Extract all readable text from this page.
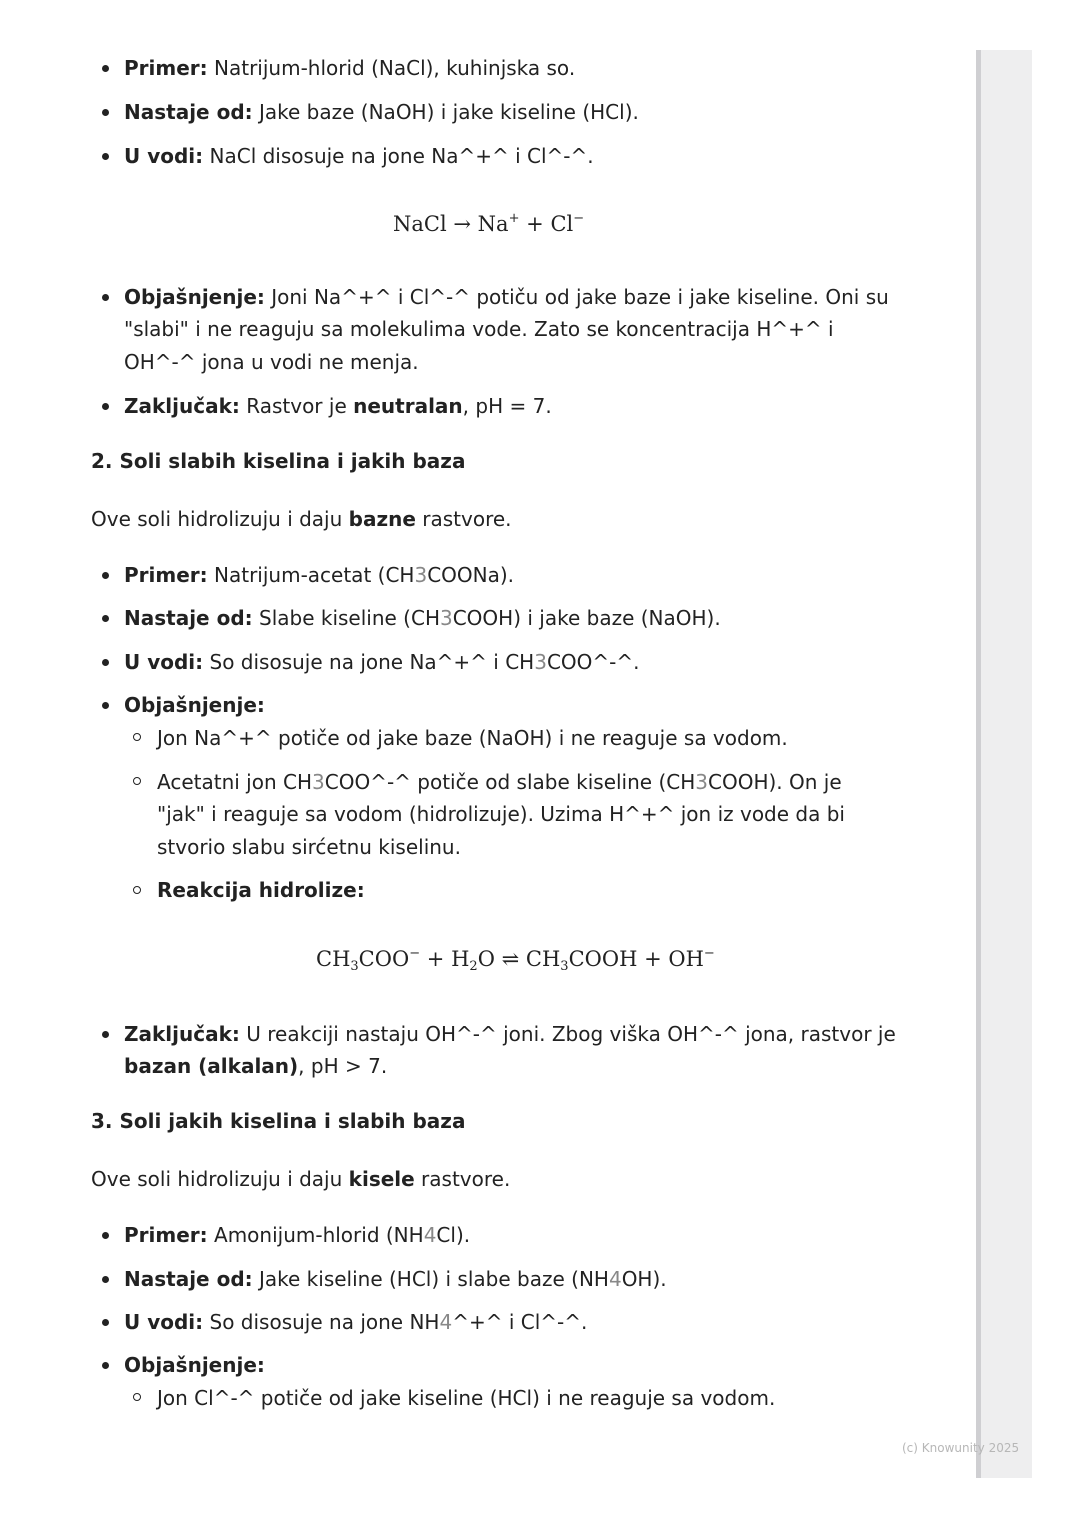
Primer: Natrijum-hlorid (NaCl), kuhinjska so.
Nastaje od: Jake baze (NaOH) i jake kiseline (HCl).
U vodi: NaCl disosuje na jone Na^+^ i Cl^-^.
NaCl → Na+ + Cl−
Objašnjenje: Joni Na^+^ i Cl^-^ potiču od jake baze i jake kiseline. Oni su
"slabi" i ne reaguju sa molekulima vode. Zato se koncentracija H^+^ i
OH^-^ jona u vodi ne menja.
Zaključak: Rastvor je neutralan, pH = 7.
2. Soli slabih kiselina i jakih baza
Ove soli hidrolizuju i daju bazne rastvore.
Primer: Natrijum-acetat (CH3COONa).
Nastaje od: Slabe kiseline (CH3COOH) i jake baze (NaOH).
U vodi: So disosuje na jone Na^+^ i CH3COO^-^.
Objašnjenje:
Jon Na^+^ potiče od jake baze (NaOH) i ne reaguje sa vodom.
Acetatni jon CH3COO^-^ potiče od slabe kiseline (CH3COOH). On je
"jak" i reaguje sa vodom (hidrolizuje). Uzima H^+^ jon iz vode da bi
stvorio slabu sirćetnu kiselinu.
Reakcija hidrolize:
$CH_3COO^- + H_2O$ ⇌ $CH_3COOH + OH^-$
Zaključak: U reakciji nastaju OH^-^ joni. Zbog viška OH^-^ jona, rastvor je
bazan (alkalan), pH > 7.
3. Soli jakih kiselina i slabih baza
Ove soli hidrolizuju i daju kisele rastvore.
Primer: Amonijum-hlorid (NH4Cl).
Nastaje od: Jake kiseline (HCl) i slabe baze (NH4OH).
U vodi: So disosuje na jone NH4^+^ i Cl^-^.
Objašnjenje:
Jon Cl^-^ potiče od jake kiseline (HCl) i ne reaguje sa vodom.
(c) Knowunity 2025
